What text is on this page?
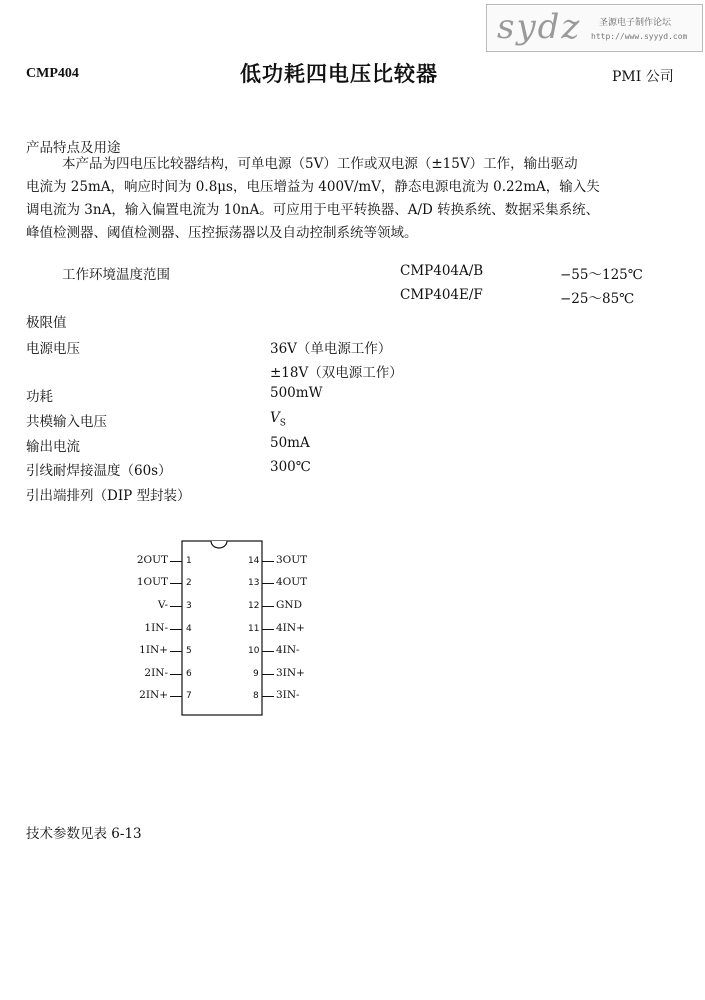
sydz 圣源电子制作论坛
http://www.syyyd.com
CMP404	低功耗四电压比较器	PMI 公司
产品特点及用途
本产品为四电压比较器结构，可单电源（5V）工作或双电源（±15V）工作，输出驱动
电流为 25mA，响应时间为 0.8μs，电压增益为 400V/mV，静态电源电流为 0.22mA，输入失
调电流为 3nA，输入偏置电流为 10nA。可应用于电平转换器、A/D 转换系统、数据采集系统、
峰值检测器、阈值检测器、压控振荡器以及自动控制系统等领域。
工作环境温度范围	CMP404A/B	−55～125℃
CMP404E/F	−25～85℃
极限值
电源电压	36V（单电源工作）
±18V（双电源工作）
功耗	500mW
共模输入电压	$V_S$
输出电流	50mA
引线耐焊接温度（60s）	300℃
引出端排列（DIP 型封装）
2OUT 1
1OUT 2
V- 3
1IN- 4
1IN+ 5
2IN- 6
2IN+ 7
14 3OUT
13 4OUT
12 GND
11 4IN+
10 4IN-
9 3IN+
8 3IN-
技术参数见表 6-13
